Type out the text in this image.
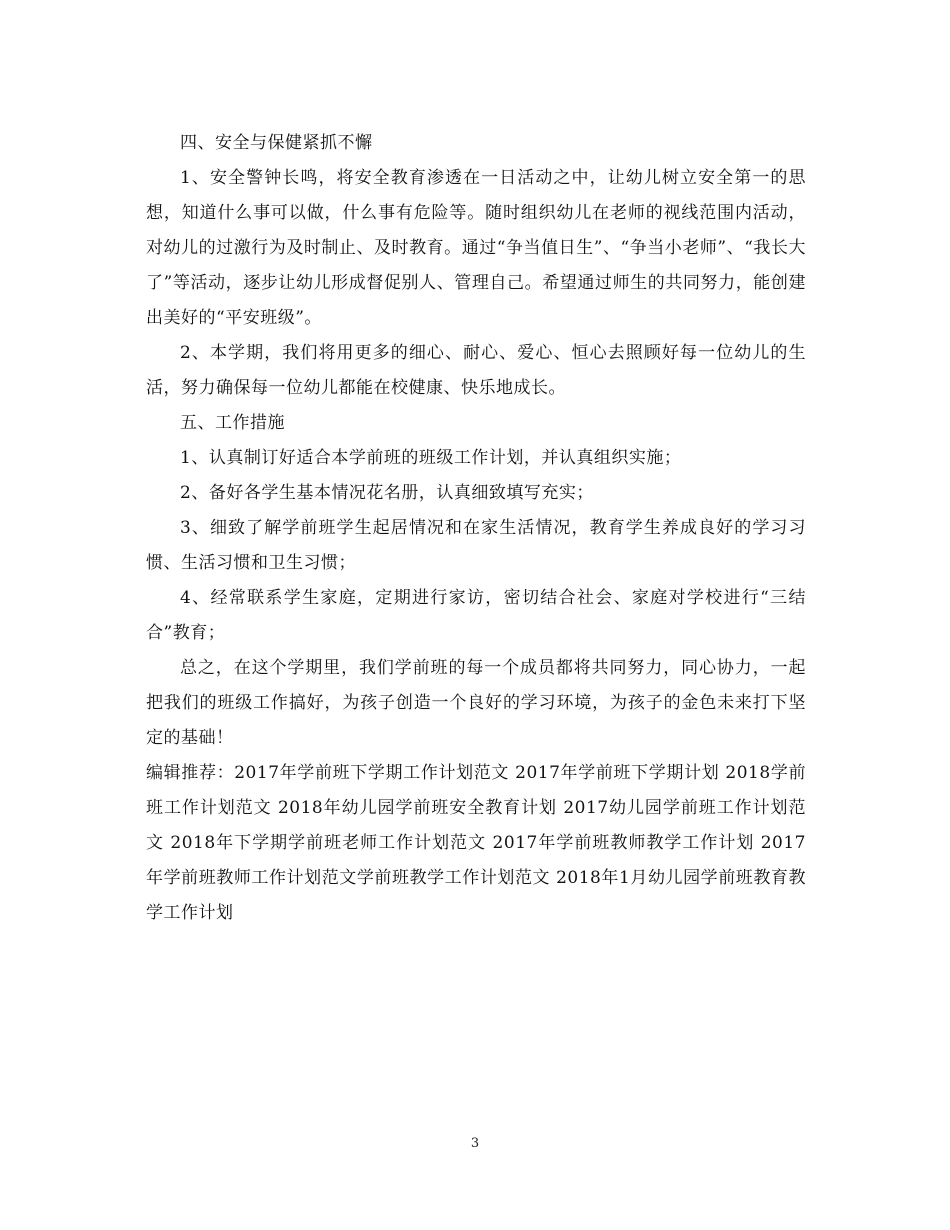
四、安全与保健紧抓不懈

1、安全警钟长鸣，将安全教育渗透在一日活动之中，让幼儿树立安全第一的思想，知道什么事可以做，什么事有危险等。随时组织幼儿在老师的视线范围内活动，对幼儿的过激行为及时制止、及时教育。通过“争当值日生”、“争当小老师”、“我长大了”等活动，逐步让幼儿形成督促别人、管理自己。希望通过师生的共同努力，能创建出美好的“平安班级”。

2、本学期，我们将用更多的细心、耐心、爱心、恒心去照顾好每一位幼儿的生活，努力确保每一位幼儿都能在校健康、快乐地成长。

五、工作措施

1、认真制订好适合本学前班的班级工作计划，并认真组织实施；

2、备好各学生基本情况花名册，认真细致填写充实；

3、细致了解学前班学生起居情况和在家生活情况，教育学生养成良好的学习习惯、生活习惯和卫生习惯；

4、经常联系学生家庭，定期进行家访，密切结合社会、家庭对学校进行“三结合”教育；

总之，在这个学期里，我们学前班的每一个成员都将共同努力，同心协力，一起把我们的班级工作搞好，为孩子创造一个良好的学习环境，为孩子的金色未来打下坚定的基础！

编辑推荐：2017年学前班下学期工作计划范文 2017年学前班下学期计划 2018学前班工作计划范文 2018年幼儿园学前班安全教育计划 2017幼儿园学前班工作计划范文 2018年下学期学前班老师工作计划范文 2017年学前班教师教学工作计划 2017年学前班教师工作计划范文学前班教学工作计划范文 2018年1月幼儿园学前班教育教学工作计划

3
